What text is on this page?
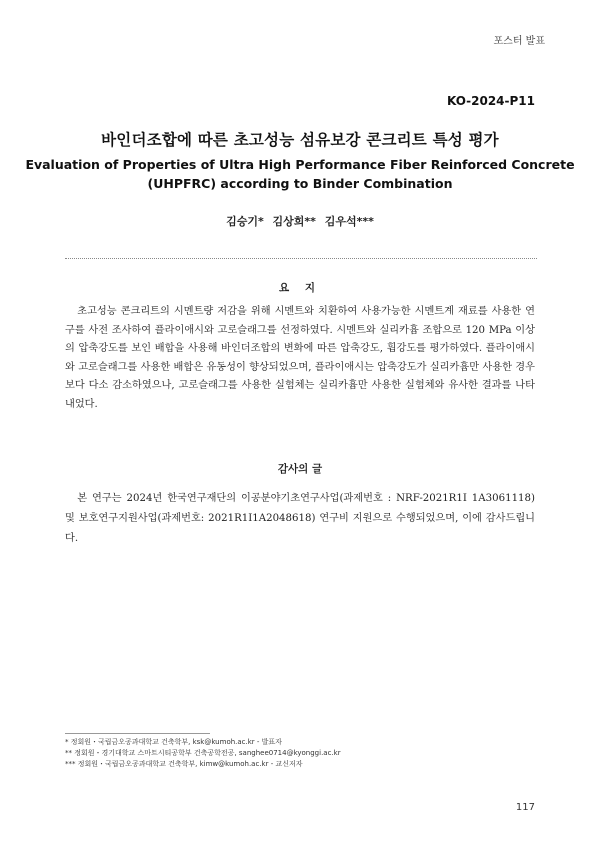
포스터 발표
KO-2024-P11
바인더조합에 따른 초고성능 섬유보강 콘크리트 특성 평가
Evaluation of Properties of Ultra High Performance Fiber Reinforced Concrete
(UHPFRC) according to Binder Combination
김승기* 김상희** 김우석***
요 지
초고성능 콘크리트의 시멘트량 저감을 위해 시멘트와 치환하여 사용가능한 시멘트계 재료를 사용한 연구를 사전 조사하여 플라이애시와 고로슬래그를 선정하였다. 시멘트와 실리카흄 조합으로 120 MPa 이상의 압축강도를 보인 배합을 사용해 바인더조합의 변화에 따른 압축강도, 휨강도를 평가하였다. 플라이애시와 고로슬래그를 사용한 배합은 유동성이 향상되었으며, 플라이애시는 압축강도가 실리카흄만 사용한 경우보다 다소 감소하였으나, 고로슬래그를 사용한 실험체는 실리카흄만 사용한 실험체와 유사한 결과를 나타내었다.
감사의 글
본 연구는 2024년 한국연구재단의 이공분야기초연구사업(과제번호 : NRF-2021R1I 1A3061118) 및 보호연구지원사업(과제번호: 2021R1I1A2048618) 연구비 지원으로 수행되었으며, 이에 감사드립니다.
* 정회원・국립금오공과대학교 건축학부, ksk@kumoh.ac.kr - 발표자
** 정회원・경기대학교 스마트시티공학부 건축공학전공, sanghee0714@kyonggi.ac.kr
*** 정회원・국립금오공과대학교 건축학부, kimw@kumoh.ac.kr - 교신저자
117
